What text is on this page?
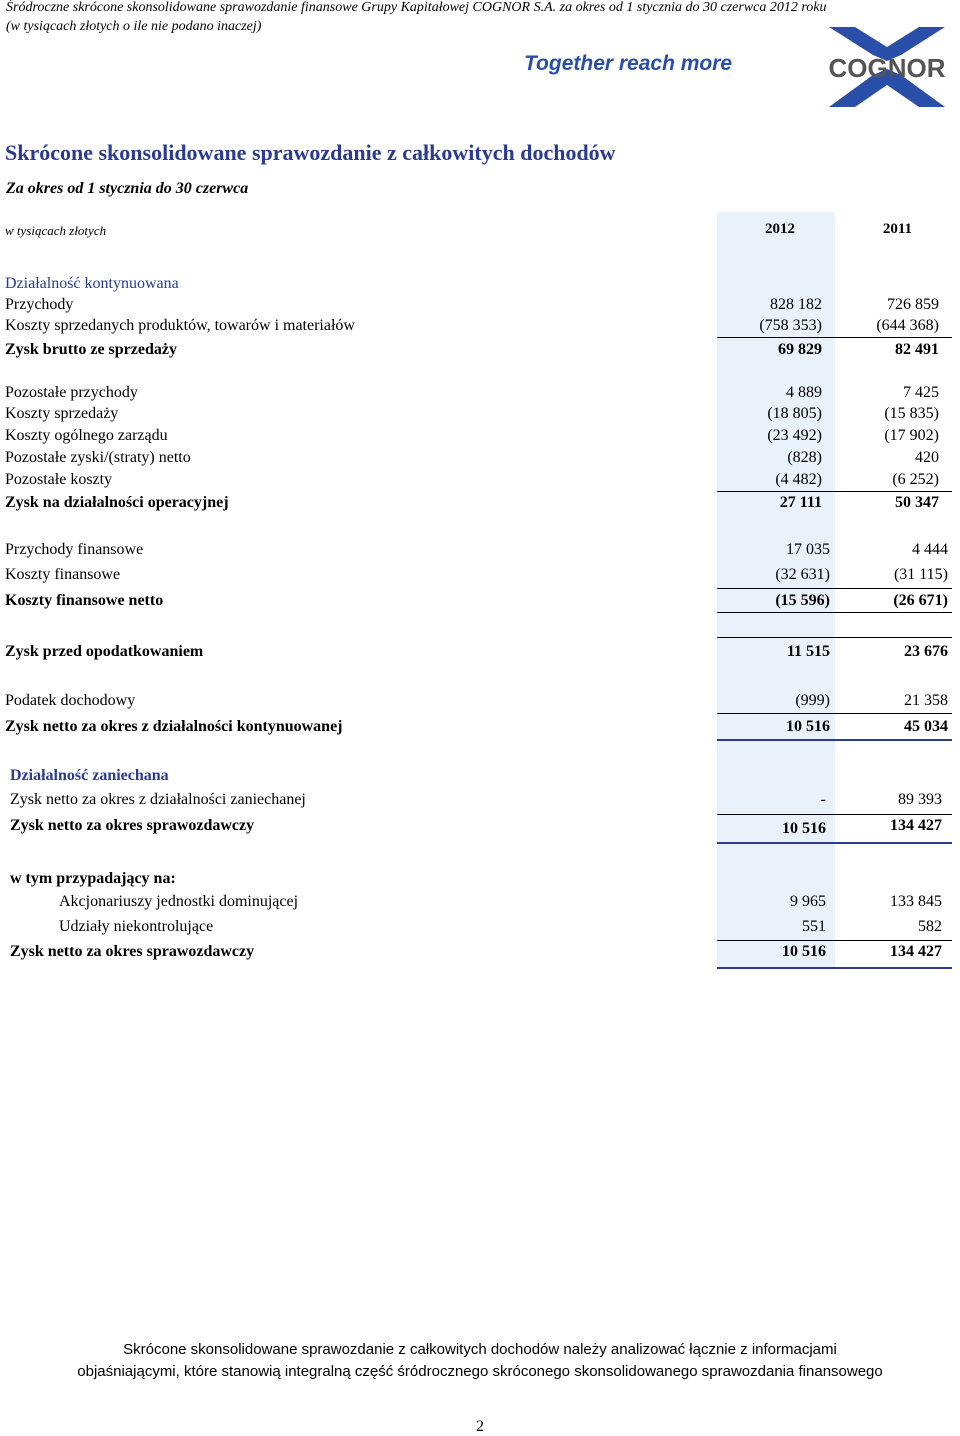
Śródroczne skrócone skonsolidowane sprawozdanie finansowe Grupy Kapitałowej COGNOR S.A. za okres od 1 stycznia do 30 czerwca 2012 roku
(w tysiącach złotych o ile nie podano inaczej)
Together reach more	COGNOR
Skrócone skonsolidowane sprawozdanie z całkowitych dochodów
Za okres od 1 stycznia do 30 czerwca
w tysiącach złotych	2012	2011
Działalność kontynuowana
Przychody	828 182	726 859
Koszty sprzedanych produktów, towarów i materiałów	(758 353)	(644 368)
Zysk brutto ze sprzedaży	69 829	82 491
Pozostałe przychody	4 889	7 425
Koszty sprzedaży	(18 805)	(15 835)
Koszty ogólnego zarządu	(23 492)	(17 902)
Pozostałe zyski/(straty) netto	(828)	420
Pozostałe koszty	(4 482)	(6 252)
Zysk na działalności operacyjnej	27 111	50 347
Przychody finansowe	17 035	4 444
Koszty finansowe	(32 631)	(31 115)
Koszty finansowe netto	(15 596)	(26 671)
Zysk przed opodatkowaniem	11 515	23 676
Podatek dochodowy	(999)	21 358
Zysk netto za okres z działalności kontynuowanej	10 516	45 034
Działalność zaniechana
Zysk netto za okres z działalności zaniechanej	-	89 393
Zysk netto za okres sprawozdawczy	10 516	134 427
w tym przypadający na:
Akcjonariuszy jednostki dominującej	9 965	133 845
Udziały niekontrolujące	551	582
Zysk netto za okres sprawozdawczy	10 516	134 427
Skrócone skonsolidowane sprawozdanie z całkowitych dochodów należy analizować łącznie z informacjami
objaśniającymi, które stanowią integralną część śródrocznego skróconego skonsolidowanego sprawozdania finansowego
2
